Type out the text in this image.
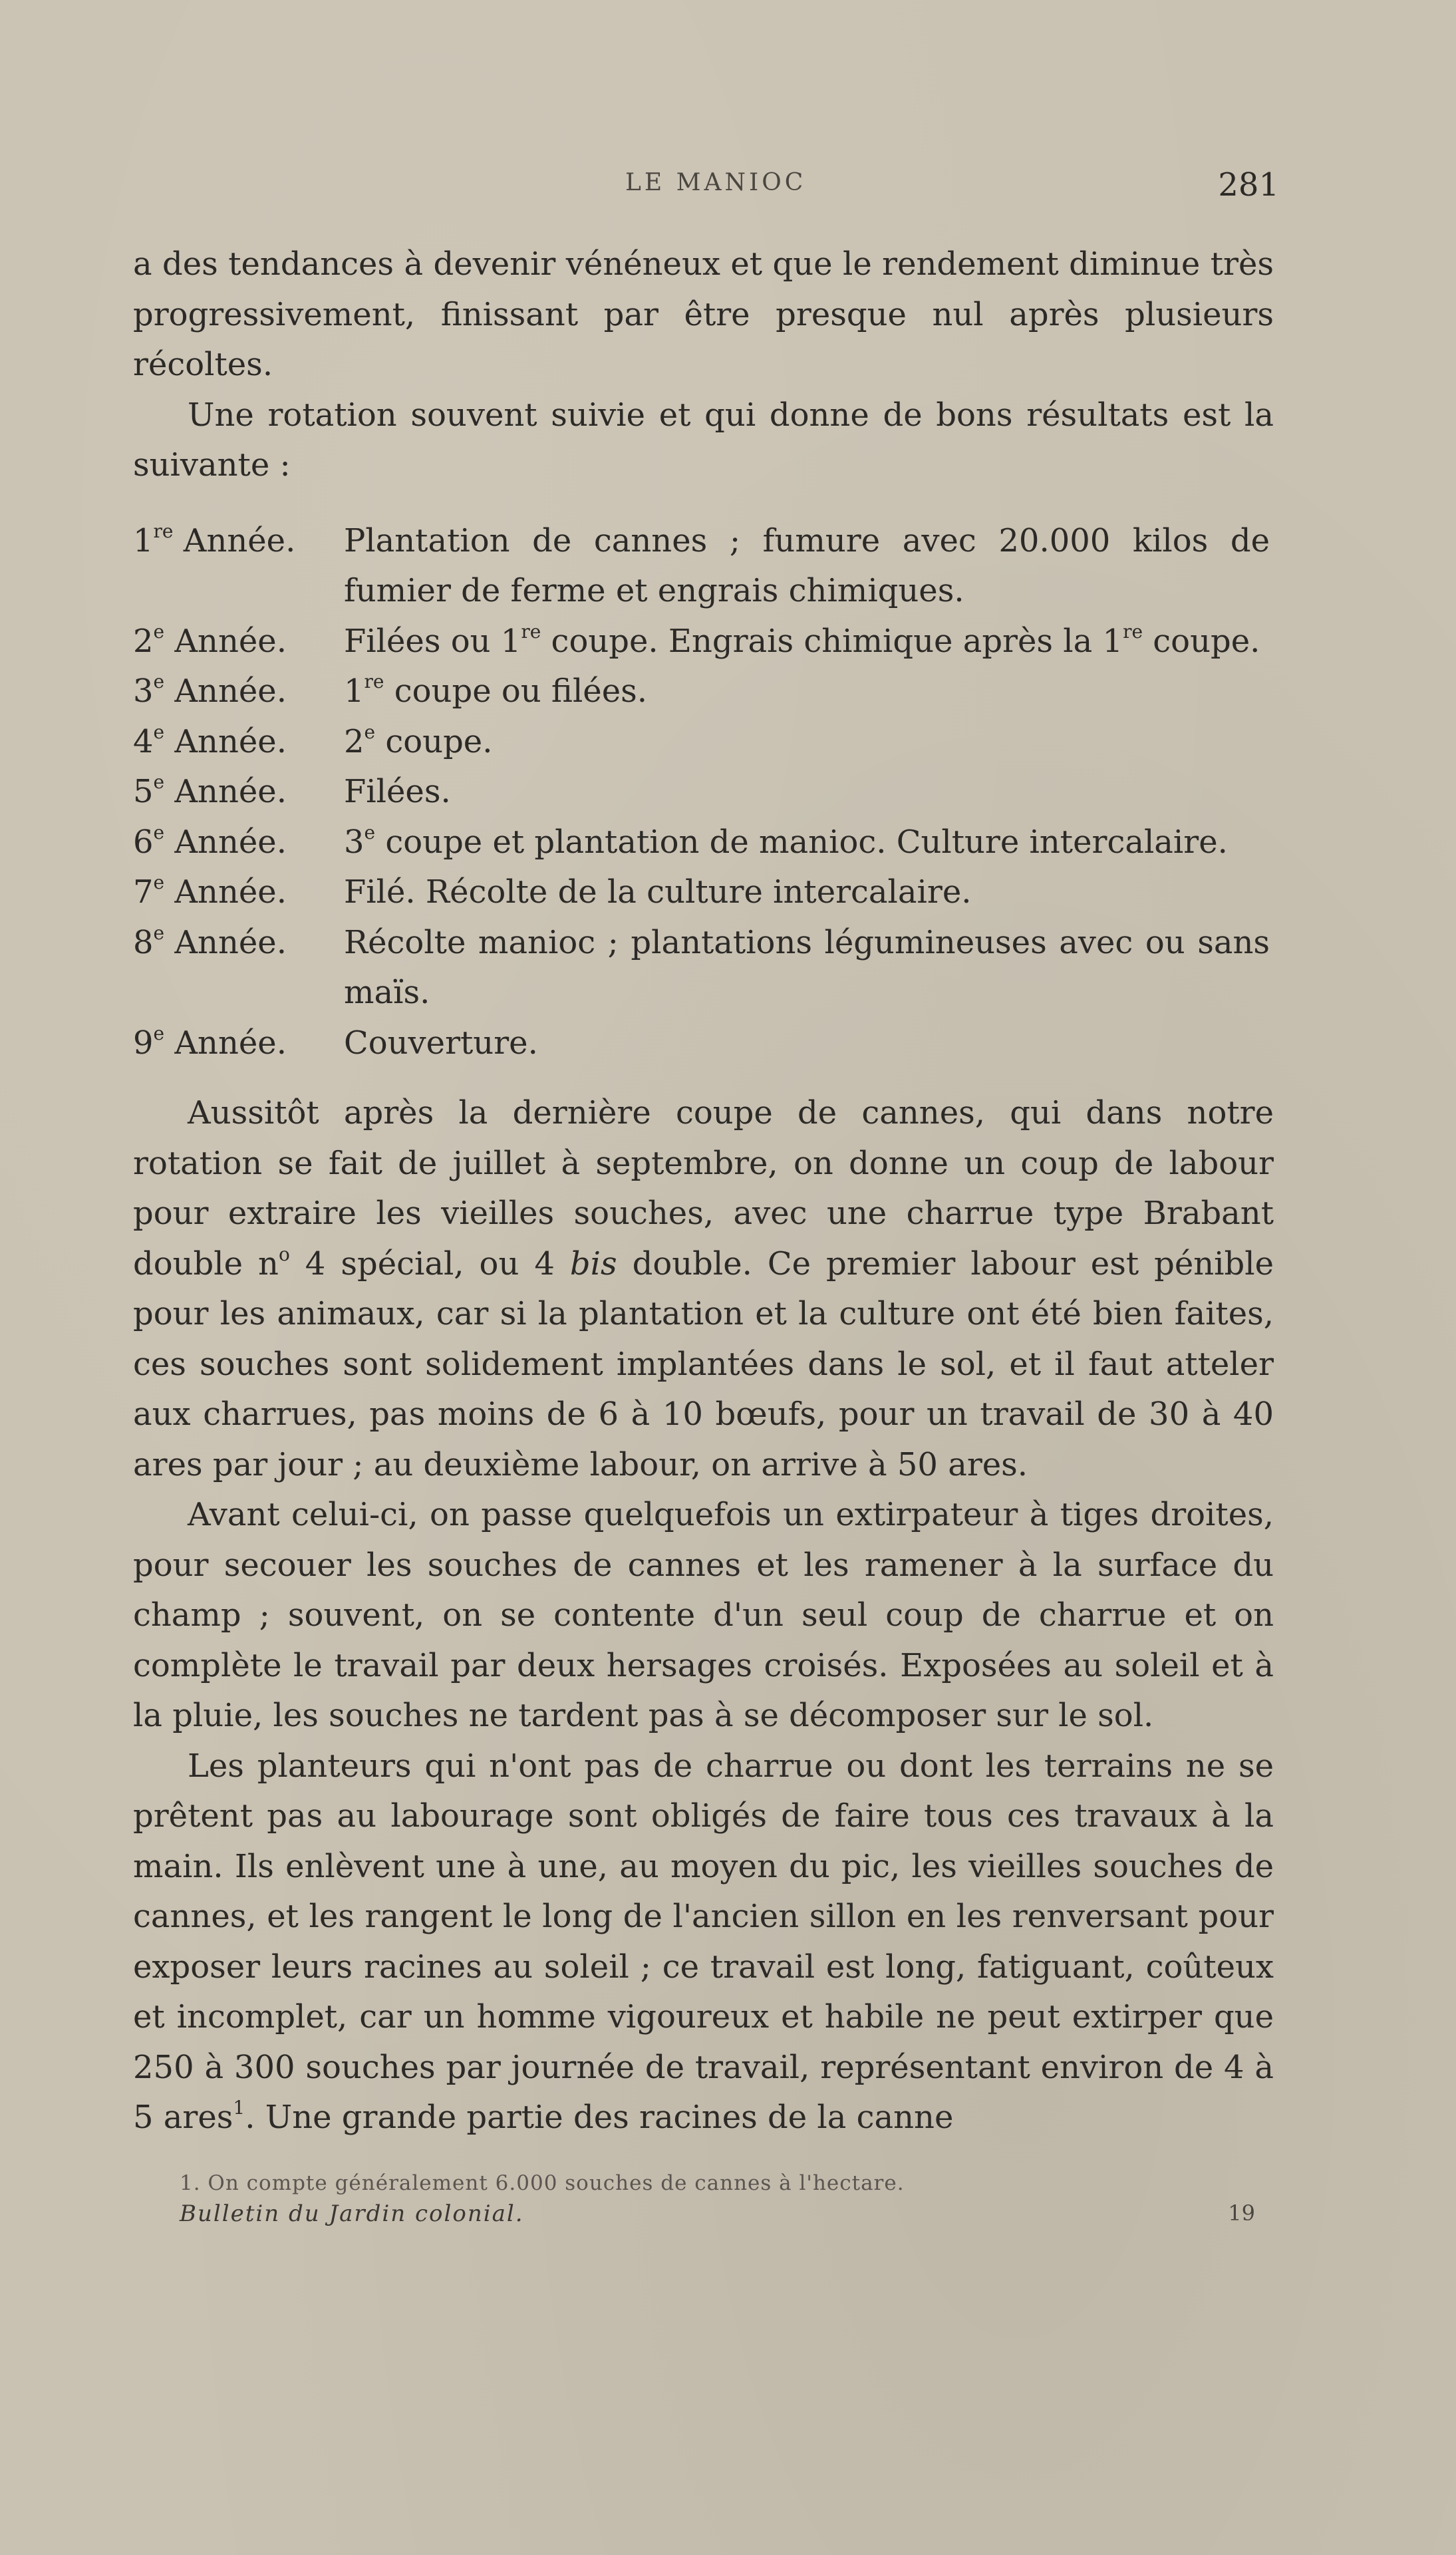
LE MANIOC	281

a des tendances à devenir vénéneux et que le rendement diminue très progressivement, finissant par être presque nul après plusieurs récoltes.

Une rotation souvent suivie et qui donne de bons résultats est la suivante :

1re Année.	Plantation de cannes ; fumure avec 20.000 kilos de fumier de ferme et engrais chimiques.
2e Année.	Filées ou 1re coupe. Engrais chimique après la 1re coupe.
3e Année.	1re coupe ou filées.
4e Année.	2e coupe.
5e Année.	Filées.
6e Année.	3e coupe et plantation de manioc. Culture intercalaire.
7e Année.	Filé. Récolte de la culture intercalaire.
8e Année.	Récolte manioc ; plantations légumineuses avec ou sans maïs.
9e Année.	Couverture.

Aussitôt après la dernière coupe de cannes, qui dans notre rotation se fait de juillet à septembre, on donne un coup de labour pour extraire les vieilles souches, avec une charrue type Brabant double $n^o$ 4 spécial, ou 4 bis double. Ce premier labour est pénible pour les animaux, car si la plantation et la culture ont été bien faites, ces souches sont solidement implantées dans le sol, et il faut atteler aux charrues, pas moins de 6 à 10 bœufs, pour un travail de 30 à 40 ares par jour ; au deuxième labour, on arrive à 50 ares.

Avant celui-ci, on passe quelquefois un extirpateur à tiges droites, pour secouer les souches de cannes et les ramener à la surface du champ ; souvent, on se contente d'un seul coup de charrue et on complète le travail par deux hersages croisés. Exposées au soleil et à la pluie, les souches ne tardent pas à se décomposer sur le sol.

Les planteurs qui n'ont pas de charrue ou dont les terrains ne se prêtent pas au labourage sont obligés de faire tous ces travaux à la main. Ils enlèvent une à une, au moyen du pic, les vieilles souches de cannes, et les rangent le long de l'ancien sillon en les renversant pour exposer leurs racines au soleil ; ce travail est long, fatiguant, coûteux et incomplet, car un homme vigoureux et habile ne peut extirper que 250 à 300 souches par journée de travail, représentant environ de 4 à 5 ares$^1$. Une grande partie des racines de la canne

1. On compte généralement 6.000 souches de cannes à l'hectare.
Bulletin du Jardin colonial.	19
